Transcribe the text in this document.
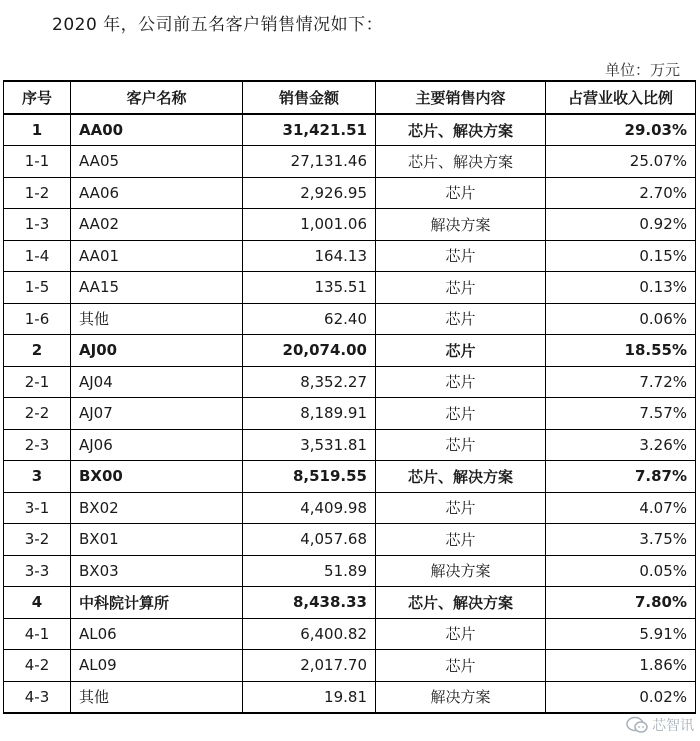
2020 年，公司前五名客户销售情况如下：
单位：万元
序号	客户名称	销售金额	主要销售内容	占营业收入比例
1	AA00	31,421.51	芯片、解决方案	29.03%
1-1	AA05	27,131.46	芯片、解决方案	25.07%
1-2	AA06	2,926.95	芯片	2.70%
1-3	AA02	1,001.06	解决方案	0.92%
1-4	AA01	164.13	芯片	0.15%
1-5	AA15	135.51	芯片	0.13%
1-6	其他	62.40	芯片	0.06%
2	AJ00	20,074.00	芯片	18.55%
2-1	AJ04	8,352.27	芯片	7.72%
2-2	AJ07	8,189.91	芯片	7.57%
2-3	AJ06	3,531.81	芯片	3.26%
3	BX00	8,519.55	芯片、解决方案	7.87%
3-1	BX02	4,409.98	芯片	4.07%
3-2	BX01	4,057.68	芯片	3.75%
3-3	BX03	51.89	解决方案	0.05%
4	中科院计算所	8,438.33	芯片、解决方案	7.80%
4-1	AL06	6,400.82	芯片	5.91%
4-2	AL09	2,017.70	芯片	1.86%
4-3	其他	19.81	解决方案	0.02%
芯智讯
